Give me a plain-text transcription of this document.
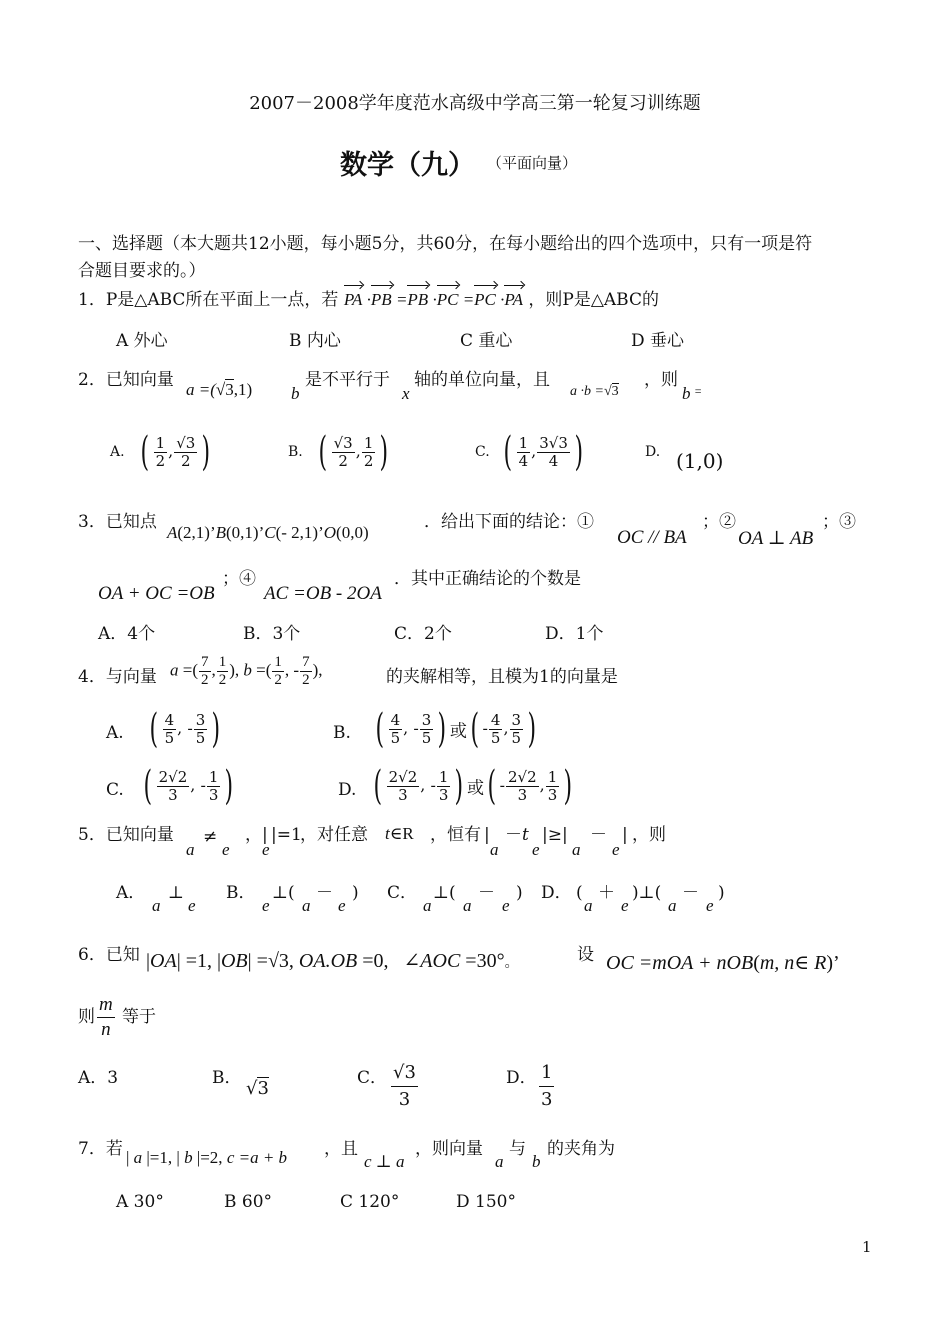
2007－2008学年度范水高级中学高三第一轮复习训练题
数学（九） （平面向量）
一、选择题（本大题共12小题，每小题5分，共60分，在每小题给出的四个选项中，只有一项是符
合题目要求的。）
1．P是△ABC所在平面上一点，若 PA ·PB =PB ·PC =PC ·PA ，则P是△ABC的
A 外心	B 内心	C 重心	D 垂心
2．已知向量 a =(√3,1) b
是不平行于
x
轴的单位向量，且
a ·b =√3
，则
b =
A. ( $\frac{1}{2}$ , $\frac{√3}{2}$ )	B. ( $\frac{√3}{2}$ , $\frac{1}{2}$ )	C. ( $\frac{1}{4}$ , $\frac{3√3}{4}$ )	D. (1,0)
3．已知点
A(2,1)’B(0,1)’C(- 2,1)’O(0,0)
．给出下面的结论：①
OC // BA
；②
OA ⊥ AB
；③
OA + OC =OB
；④
AC =OB - 2OA
．其中正确结论的个数是
A．4个	B．3个	C．2个	D．1个
4．与向量 a =( $\frac{7}{2}$ , $\frac{1}{2}$ ), b =( $\frac{1}{2}$ , - $\frac{7}{2}$ ),	的夹解相等，且模为1的向量是
A. ( $\frac{4}{5}$ , - $\frac{3}{5}$ )	B. ( $\frac{4}{5}$ , - $\frac{3}{5}$ ) 或( - $\frac{4}{5}$ , $\frac{3}{5}$ )
C. ( $\frac{2√2}{3}$ , - $\frac{1}{3}$ )	D. ( $\frac{2√2}{3}$ , - $\frac{1}{3}$ ) 或( - $\frac{2√2}{3}$ , $\frac{1}{3}$ )
5．已知向量
a
≠
e
，|
e
|=1
，对任意 t∈R ，恒有 |
a
－t
e
|≥|
a
－
e
| ，则
A．
a
⊥
e
B．
e
⊥(
a
－
e
) C．
a
⊥(
a
－
e
) D． (
a
＋
e
)⊥(
a
－
e
)
6．已知 |OA| =1, |OB| =√3, OA.OB =0,   ∠AOC =30°。	设 OC =mOA + nOB(m, n∈ R)’
则 $\frac{m}{n}$ 等于
A．3	B． √3	C． $\frac{√3}{3}$	D． $\frac{1}{3}$
7．若 | a |=1, | b |=2, c =a + b ，且
c ⊥ a
，则向量
a
与
b
的夹角为
A 30°	B 60°	C 120°	D 150°
1
